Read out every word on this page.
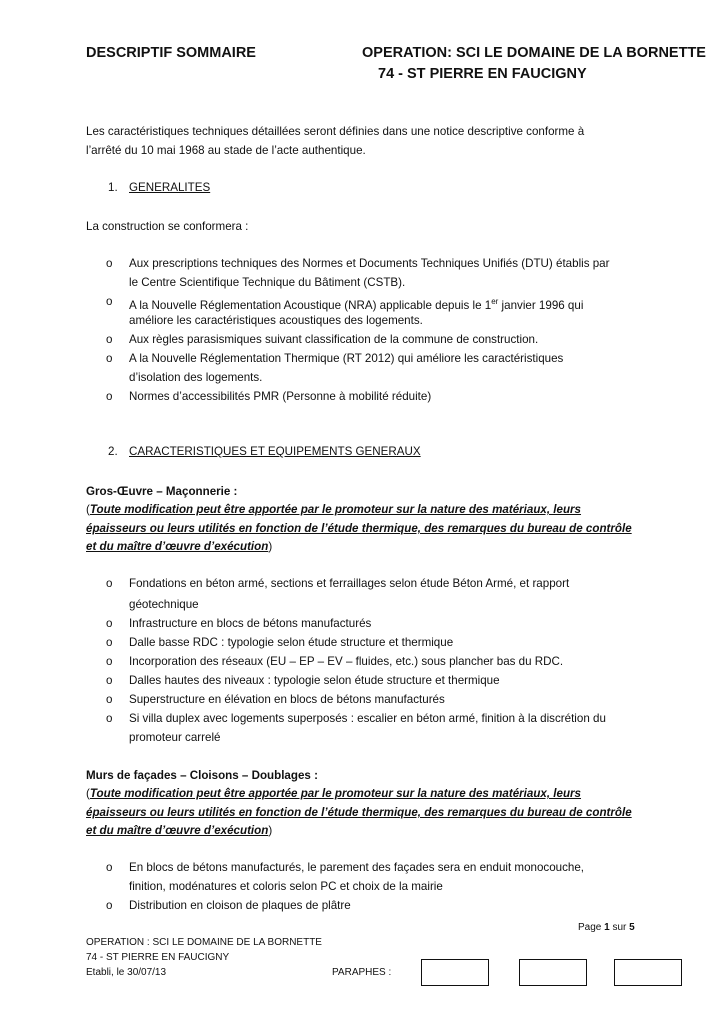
DESCRIPTIF SOMMAIRE	OPERATION: SCI LE DOMAINE DE LA BORNETTE
74 - ST PIERRE EN FAUCIGNY
Les caractéristiques techniques détaillées seront définies dans une notice descriptive conforme à
l’arrêté du 10 mai 1968 au stade de l’acte authentique.
1. GENERALITES
La construction se conformera :
o Aux prescriptions techniques des Normes et Documents Techniques Unifiés (DTU) établis par
le Centre Scientifique Technique du Bâtiment (CSTB).
o A la Nouvelle Réglementation Acoustique (NRA) applicable depuis le 1er janvier 1996 qui
améliore les caractéristiques acoustiques des logements.
o Aux règles parasismiques suivant classification de la commune de construction.
o A la Nouvelle Réglementation Thermique (RT 2012) qui améliore les caractéristiques
d’isolation des logements.
o Normes d’accessibilités PMR (Personne à mobilité réduite)
2. CARACTERISTIQUES ET EQUIPEMENTS GENERAUX
Gros-Œuvre – Maçonnerie :
(Toute modification peut être apportée par le promoteur sur la nature des matériaux, leurs
épaisseurs ou leurs utilités en fonction de l’étude thermique, des remarques du bureau de contrôle
et du maître d’œuvre d’exécution)
o Fondations en béton armé, sections et ferraillages selon étude Béton Armé, et rapport
géotechnique
o Infrastructure en blocs de bétons manufacturés
o Dalle basse RDC : typologie selon étude structure et thermique
o Incorporation des réseaux (EU – EP – EV – fluides, etc.) sous plancher bas du RDC.
o Dalles hautes des niveaux : typologie selon étude structure et thermique
o Superstructure en élévation en blocs de bétons manufacturés
o Si villa duplex avec logements superposés : escalier en béton armé, finition à la discrétion du
promoteur carrelé
Murs de façades – Cloisons – Doublages :
(Toute modification peut être apportée par le promoteur sur la nature des matériaux, leurs
épaisseurs ou leurs utilités en fonction de l’étude thermique, des remarques du bureau de contrôle
et du maître d’œuvre d’exécution)
o En blocs de bétons manufacturés, le parement des façades sera en enduit monocouche,
finition, modénatures et coloris selon PC et choix de la mairie
o Distribution en cloison de plaques de plâtre
Page 1 sur 5
OPERATION : SCI LE DOMAINE DE LA BORNETTE
74 - ST PIERRE EN FAUCIGNY
Etabli, le 30/07/13	PARAPHES :
